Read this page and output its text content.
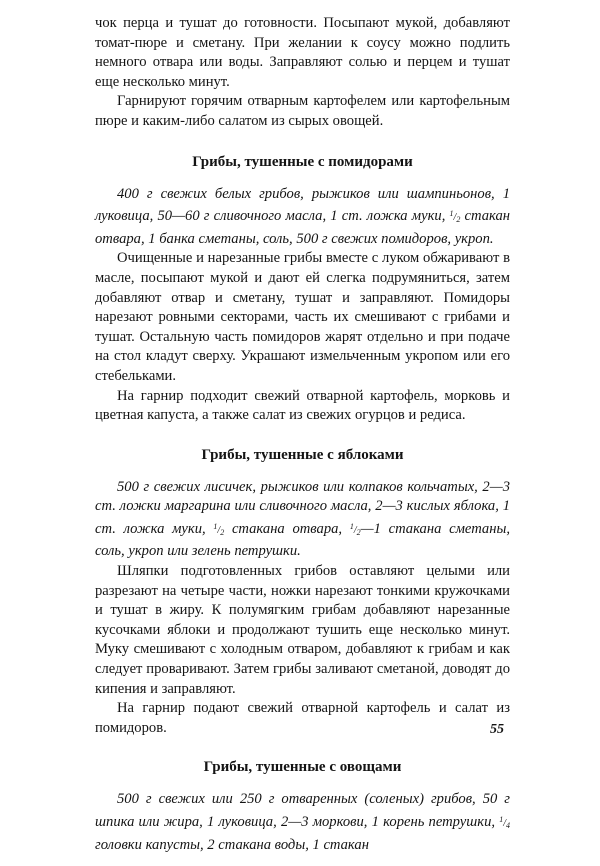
чок перца и тушат до готовности. Посыпают мукой, добавляют томат-пюре и сметану. При желании к соусу можно подлить немного отвара или воды. Заправляют солью и перцем и тушат еще несколько минут.

Гарнируют горячим отварным картофелем или картофельным пюре и каким-либо салатом из сырых овощей.

Грибы, тушенные с помидорами

400 г свежих белых грибов, рыжиков или шампиньонов, 1 луковица, 50—60 г сливочного масла, 1 ст. ложка муки, $^1/_2$ стакан отвара, 1 банка сметаны, соль, 500 г свежих помидоров, укроп.

Очищенные и нарезанные грибы вместе с луком обжаривают в масле, посыпают мукой и дают ей слегка подрумяниться, затем добавляют отвар и сметану, тушат и заправляют. Помидоры нарезают ровными секторами, часть их смешивают с грибами и тушат. Остальную часть помидоров жарят отдельно и при подаче на стол кладут сверху. Украшают измельченным укропом или его стебельками.

На гарнир подходит свежий отварной картофель, морковь и цветная капуста, а также салат из свежих огурцов и редиса.

Грибы, тушенные с яблоками

500 г свежих лисичек, рыжиков или колпаков кольчатых, 2—3 ст. ложки маргарина или сливочного масла, 2—3 кислых яблока, 1 ст. ложка муки, $^1/_2$ стакана отвара, $^1/_2—1$ стакана сметаны, соль, укроп или зелень петрушки.

Шляпки подготовленных грибов оставляют целыми или разрезают на четыре части, ножки нарезают тонкими кружочками и тушат в жиру. К полумягким грибам добавляют нарезанные кусочками яблоки и продолжают тушить еще несколько минут. Муку смешивают с холодным отваром, добавляют к грибам и как следует проваривают. Затем грибы заливают сметаной, доводят до кипения и заправляют.

На гарнир подают свежий отварной картофель и салат из помидоров.

Грибы, тушенные с овощами

500 г свежих или 250 г отваренных (соленых) грибов, 50 г шпика или жира, 1 луковица, 2—3 моркови, 1 корень петрушки, $^1/_4$ головки капусты, 2 стакана воды, 1 стакан

55
